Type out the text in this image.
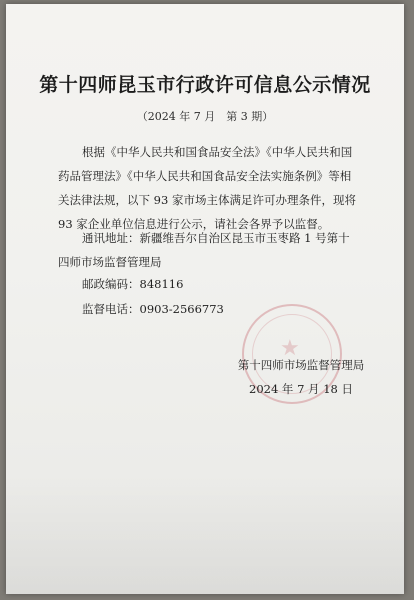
第十四师昆玉市行政许可信息公示情况
（2024 年 7 月　第 3 期）

根据《中华人民共和国食品安全法》《中华人民共和国药品管理法》《中华人民共和国食品安全法实施条例》等相关法律法规，以下 93 家市场主体满足许可办理条件，现将 93 家企业单位信息进行公示，请社会各界予以监督。

通讯地址：新疆维吾尔自治区昆玉市玉枣路 1 号第十四师市场监督管理局

邮政编码：848116

监督电话：0903-2566773

★
第十四师市场监督管理局
2024 年 7 月 18 日
